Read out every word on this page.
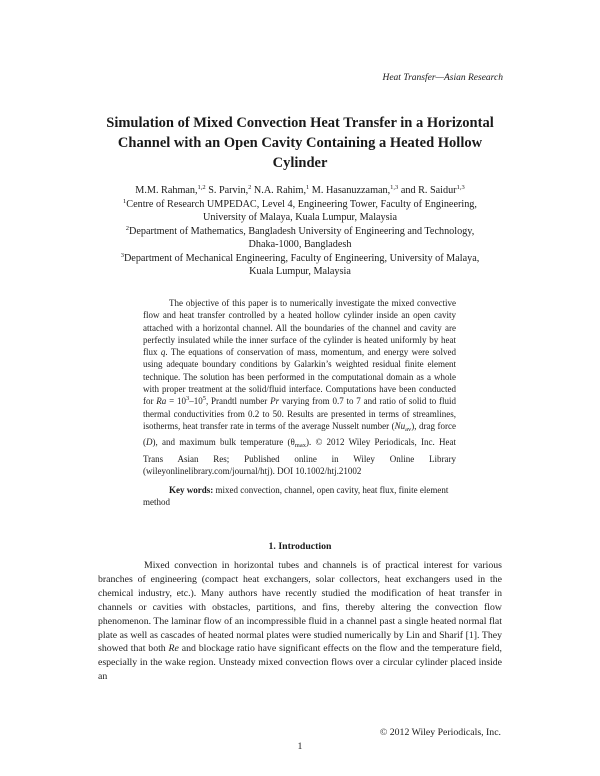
Heat Transfer—Asian Research
Simulation of Mixed Convection Heat Transfer in a Horizontal Channel with an Open Cavity Containing a Heated Hollow Cylinder
M.M. Rahman,$^{1,2}$ S. Parvin,$^2$ N.A. Rahim,$^1$ M. Hasanuzzaman,$^{1,3}$ and R. Saidur$^{1,3}$
$^1$Centre of Research UMPEDAC, Level 4, Engineering Tower, Faculty of Engineering,
University of Malaya, Kuala Lumpur, Malaysia
$^2$Department of Mathematics, Bangladesh University of Engineering and Technology,
Dhaka-1000, Bangladesh
$^3$Department of Mechanical Engineering, Faculty of Engineering, University of Malaya,
Kuala Lumpur, Malaysia
The objective of this paper is to numerically investigate the mixed convective flow and heat transfer controlled by a heated hollow cylinder inside an open cavity attached with a horizontal channel. All the boundaries of the channel and cavity are perfectly insulated while the inner surface of the cylinder is heated uniformly by heat flux q. The equations of conservation of mass, momentum, and energy were solved using adequate boundary conditions by Galarkin’s weighted residual finite element technique. The solution has been performed in the computational domain as a whole with proper treatment at the solid/fluid interface. Computations have been conducted for $Ra = 10^3-10^5$, Prandtl number Pr varying from 0.7 to 7 and ratio of solid to fluid thermal conductivities from 0.2 to 50. Results are presented in terms of streamlines, isotherms, heat transfer rate in terms of the average Nusselt number $(Nu_{av})$, drag force (D), and maximum bulk temperature $(\theta_{max})$. © 2012 Wiley Periodicals, Inc. Heat Trans Asian Res; Published online in Wiley Online Library (wileyonlinelibrary.com/journal/htj). DOI 10.1002/htj.21002
Key words: mixed convection, channel, open cavity, heat flux, finite element method
1. Introduction
Mixed convection in horizontal tubes and channels is of practical interest for various branches of engineering (compact heat exchangers, solar collectors, heat exchangers used in the chemical industry, etc.). Many authors have recently studied the modification of heat transfer in channels or cavities with obstacles, partitions, and fins, thereby altering the convection flow phenomenon. The laminar flow of an incompressible fluid in a channel past a single heated normal flat plate as well as cascades of heated normal plates were studied numerically by Lin and Sharif [1]. They showed that both Re and blockage ratio have significant effects on the flow and the temperature field, especially in the wake region. Unsteady mixed convection flows over a circular cylinder placed inside an
© 2012 Wiley Periodicals, Inc.
1
